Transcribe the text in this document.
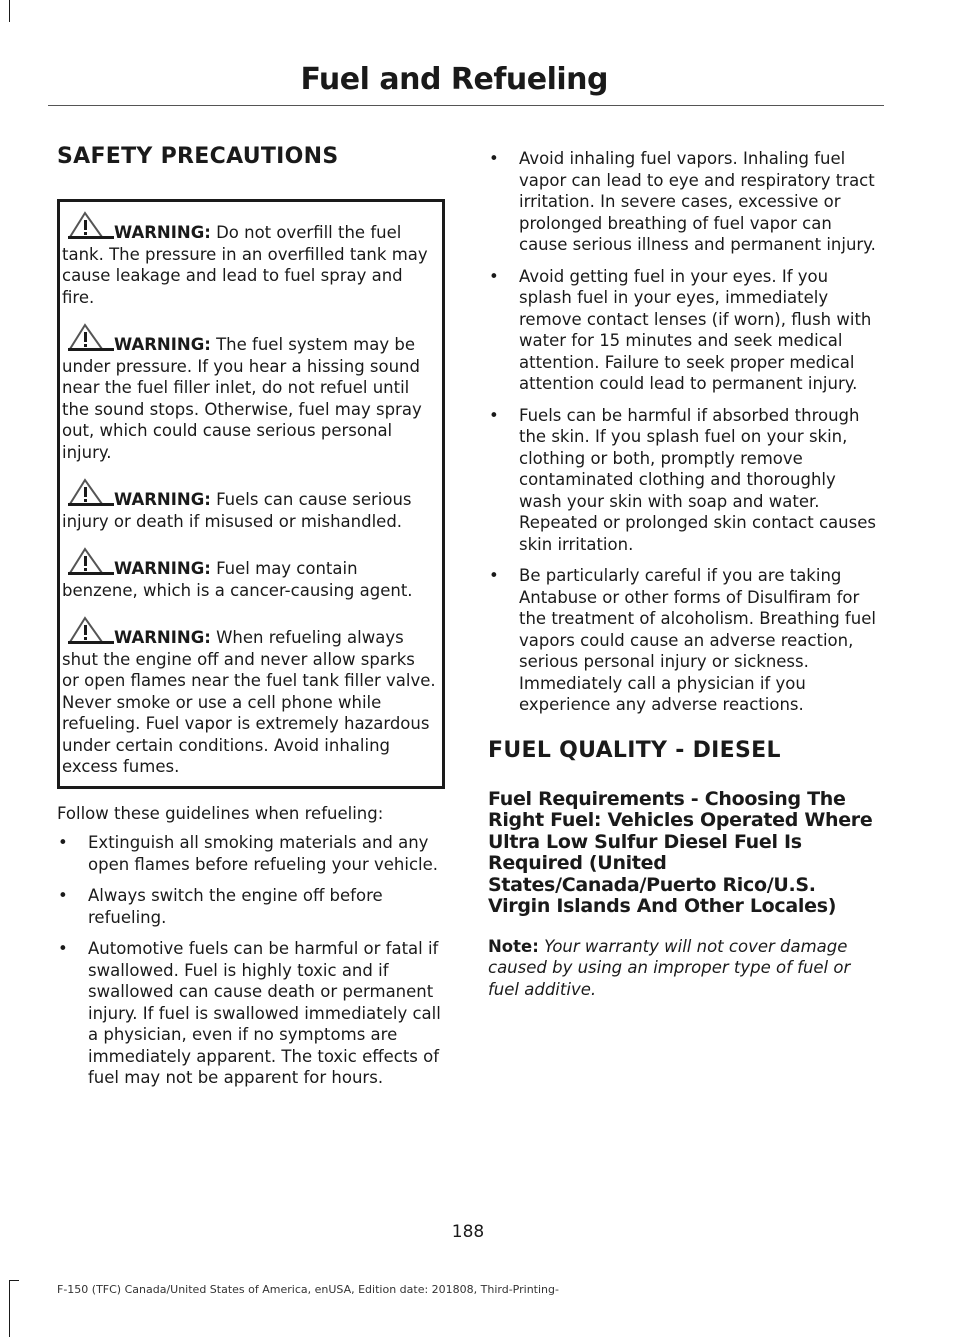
Fuel and Refueling
SAFETY PRECAUTIONS

WARNING: Do not overfill the fuel tank. The pressure in an overfilled tank may cause leakage and lead to fuel spray and fire.

WARNING: The fuel system may be under pressure. If you hear a hissing sound near the fuel filler inlet, do not refuel until the sound stops. Otherwise, fuel may spray out, which could cause serious personal injury.

WARNING: Fuels can cause serious injury or death if misused or mishandled.

WARNING: Fuel may contain benzene, which is a cancer-causing agent.

WARNING: When refueling always shut the engine off and never allow sparks or open flames near the fuel tank filler valve. Never smoke or use a cell phone while refueling. Fuel vapor is extremely hazardous under certain conditions. Avoid inhaling excess fumes.

Follow these guidelines when refueling:

• Extinguish all smoking materials and any open flames before refueling your vehicle.
• Always switch the engine off before refueling.
• Automotive fuels can be harmful or fatal if swallowed. Fuel is highly toxic and if swallowed can cause death or permanent injury. If fuel is swallowed immediately call a physician, even if no symptoms are immediately apparent. The toxic effects of fuel may not be apparent for hours.
• Avoid inhaling fuel vapors. Inhaling fuel vapor can lead to eye and respiratory tract irritation. In severe cases, excessive or prolonged breathing of fuel vapor can cause serious illness and permanent injury.
• Avoid getting fuel in your eyes. If you splash fuel in your eyes, immediately remove contact lenses (if worn), flush with water for 15 minutes and seek medical attention. Failure to seek proper medical attention could lead to permanent injury.
• Fuels can be harmful if absorbed through the skin. If you splash fuel on your skin, clothing or both, promptly remove contaminated clothing and thoroughly wash your skin with soap and water. Repeated or prolonged skin contact causes skin irritation.
• Be particularly careful if you are taking Antabuse or other forms of Disulfiram for the treatment of alcoholism. Breathing fuel vapors could cause an adverse reaction, serious personal injury or sickness. Immediately call a physician if you experience any adverse reactions.
FUEL QUALITY - DIESEL
Fuel Requirements - Choosing The Right Fuel: Vehicles Operated Where Ultra Low Sulfur Diesel Fuel Is Required (United States/Canada/Puerto Rico/U.S. Virgin Islands And Other Locales)

Note: Your warranty will not cover damage caused by using an improper type of fuel or fuel additive.

188
F-150 (TFC) Canada/United States of America, enUSA, Edition date: 201808, Third-Printing-
